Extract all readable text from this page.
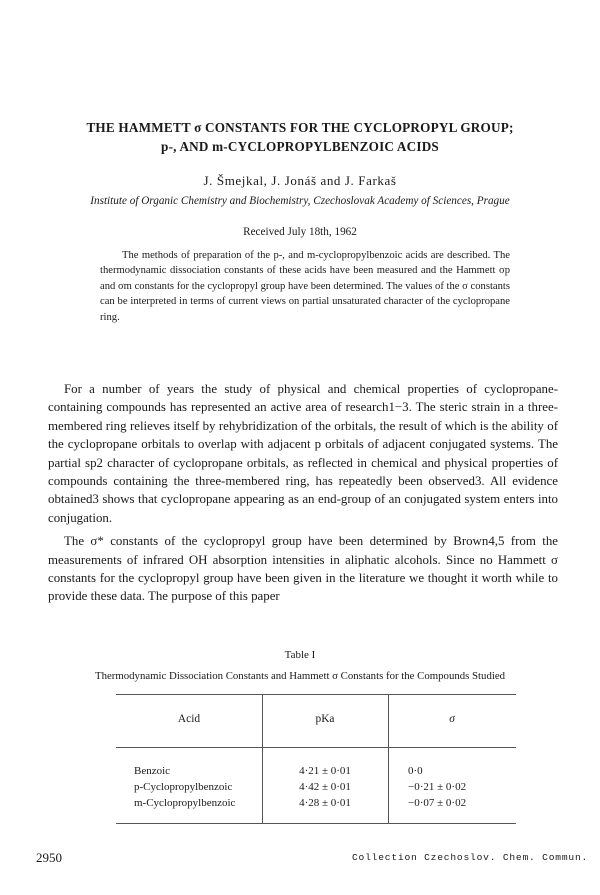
THE HAMMETT σ CONSTANTS FOR THE CYCLOPROPYL GROUP;
p-, AND m-CYCLOPROPYLBENZOIC ACIDS
J. Šmejkal, J. Jonáš and J. Farkaš
Institute of Organic Chemistry and Biochemistry, Czechoslovak Academy of Sciences, Prague
Received July 18th, 1962

The methods of preparation of the p-, and m-cyclopropylbenzoic acids are described. The thermodynamic dissociation constants of these acids have been measured and the Hammett σp and σm constants for the cyclopropyl group have been determined. The values of the σ constants can be interpreted in terms of current views on partial unsaturated character of the cyclopropane ring.

For a number of years the study of physical and chemical properties of cyclopropane-containing compounds has represented an active area of research1−3. The steric strain in a three-membered ring relieves itself by rehybridization of the orbitals, the result of which is the ability of the cyclopropane orbitals to overlap with adjacent p orbitals of adjacent conjugated systems. The partial sp2 character of cyclopropane orbitals, as reflected in chemical and physical properties of compounds containing the three-membered ring, has repeatedly been observed3. All evidence obtained3 shows that cyclopropane appearing as an end-group of an conjugated system enters into conjugation.

The σ* constants of the cyclopropyl group have been determined by Brown4,5 from the measurements of infrared OH absorption intensities in aliphatic alcohols. Since no Hammett σ constants for the cyclopropyl group have been given in the literature we thought it worth while to provide these data. The purpose of this paper

Table I
Thermodynamic Dissociation Constants and Hammett σ Constants for the Compounds Studied
Acid	pKa	σ
Benzoic	4·21 ± 0·01	0·0
p-Cyclopropylbenzoic	4·42 ± 0·01	−0·21 ± 0·02
m-Cyclopropylbenzoic	4·28 ± 0·01	−0·07 ± 0·02
2950	Collection Czechoslov. Chem. Commun.
